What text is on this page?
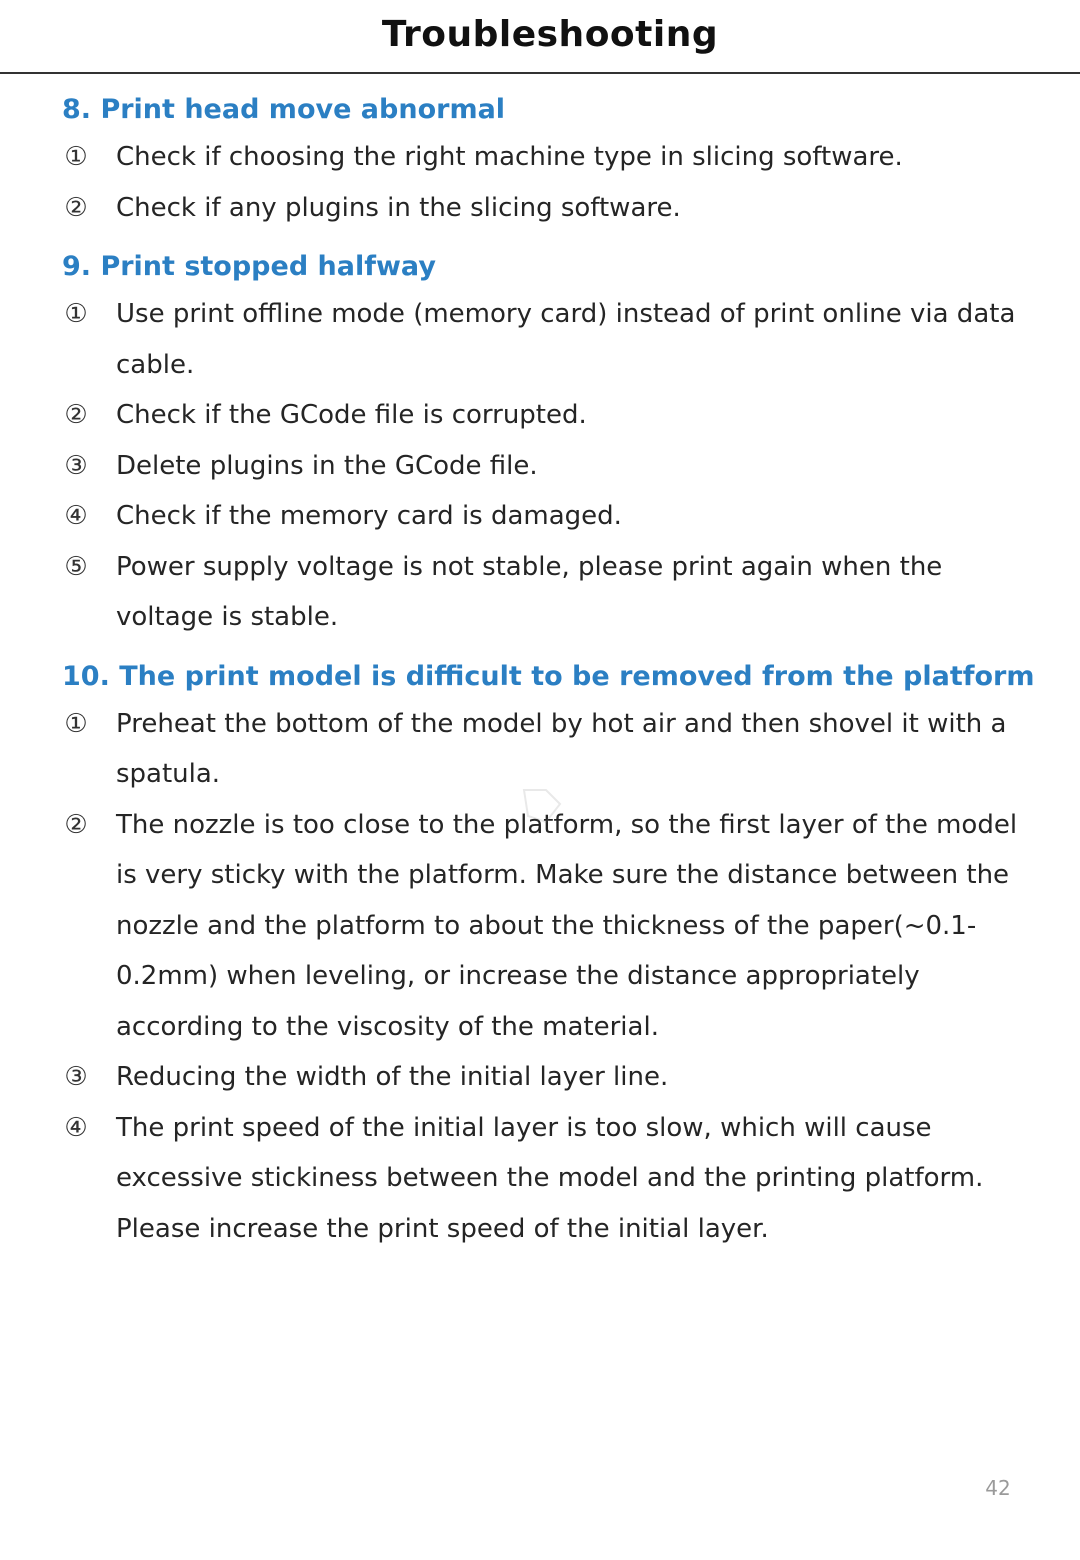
Troubleshooting
8. Print head move abnormal
① Check if choosing the right machine type in slicing software.
② Check if any plugins in the slicing software.
9. Print stopped halfway
① Use print offline mode (memory card) instead of print online via data cable.
② Check if the GCode file is corrupted.
③ Delete plugins in the GCode file.
④ Check if the memory card is damaged.
⑤ Power supply voltage is not stable, please print again when the voltage is stable.
10. The print model is difficult to be removed from the platform
① Preheat the bottom of the model by hot air and then shovel it with a spatula.
② The nozzle is too close to the platform, so the first layer of the model is very sticky with the platform. Make sure the distance between the nozzle and the platform to about the thickness of the paper(~0.1-0.2mm) when leveling, or increase the distance appropriately according to the viscosity of the material.
③ Reducing the width of the initial layer line.
④ The print speed of the initial layer is too slow, which will cause excessive stickiness between the model and the printing platform. Please increase the print speed of the initial layer.
42
